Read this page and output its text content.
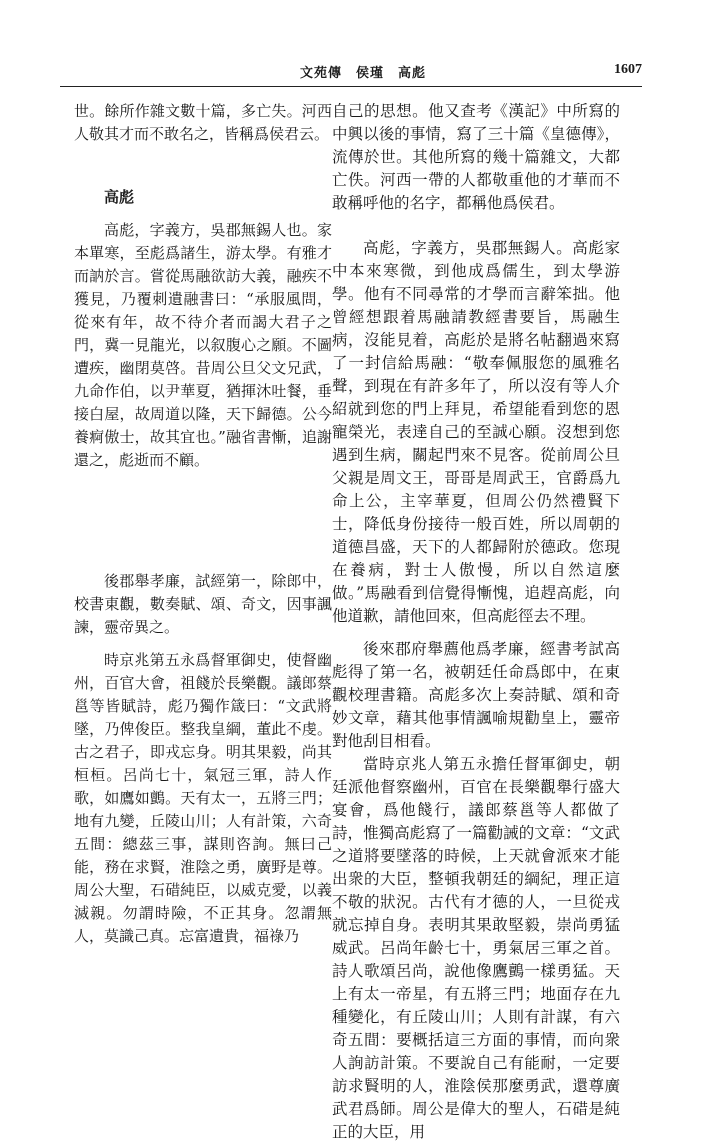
文苑傳　侯瑾　高彪	1607

世。餘所作雜文數十篇，多亡失。河西人敬其才而不敢名之，皆稱爲侯君云。

高彪

高彪，字義方，吳郡無錫人也。家本單寒，至彪爲諸生，游太學。有雅才而訥於言。嘗從馬融欲訪大義，融疾不獲見，乃覆刺遺融書曰：“承服風問，從來有年，故不待介者而謁大君子之門，冀一見龍光，以叙腹心之願。不圖遭疾，幽閉莫啓。昔周公旦父文兄武，九命作伯，以尹華夏，猶揮沐吐餐，垂接白屋，故周道以隆，天下歸德。公今養痾傲士，故其宜也。”融省書慚，追謝還之，彪逝而不顧。

後郡舉孝廉，試經第一，除郎中，校書東觀，數奏賦、頌、奇文，因事諷諫，靈帝異之。

時京兆第五永爲督軍御史，使督幽州，百官大會，祖餞於長樂觀。議郎蔡邕等皆賦詩，彪乃獨作箴曰：“文武將墜，乃俾俊臣。整我皇綱，董此不虔。古之君子，即戎忘身。明其果毅，尚其桓桓。呂尚七十，氣冠三軍，詩人作歌，如鷹如鸇。天有太一，五將三門；地有九變，丘陵山川；人有計策，六奇五間：總茲三事，謀則咨詢。無曰己能，務在求賢，淮陰之勇，廣野是尊。周公大聖，石碏純臣，以威克愛，以義滅親。勿謂時險，不正其身。忽謂無人，莫識己真。忘富遺貴，福祿乃

自己的思想。他又查考《漢記》中所寫的中興以後的事情，寫了三十篇《皇德傳》，流傳於世。其他所寫的幾十篇雜文，大都亡佚。河西一帶的人都敬重他的才華而不敢稱呼他的名字，都稱他爲侯君。

高彪，字義方，吳郡無錫人。高彪家中本來寒微，到他成爲儒生，到太學游學。他有不同尋常的才學而言辭笨拙。他曾經想跟着馬融請教經書要旨，馬融生病，沒能見着，高彪於是將名帖翻過來寫了一封信給馬融：“敬奉佩服您的風雅名聲，到現在有許多年了，所以沒有等人介紹就到您的門上拜見，希望能看到您的恩寵榮光，表達自己的至誠心願。沒想到您遇到生病，關起門來不見客。從前周公旦父親是周文王，哥哥是周武王，官爵爲九命上公，主宰華夏，但周公仍然禮賢下士，降低身份接待一般百姓，所以周朝的道德昌盛，天下的人都歸附於德政。您現在養病，對士人傲慢，所以自然這麼做。”馬融看到信覺得慚愧，追趕高彪，向他道歉，請他回來，但高彪徑去不理。

後來郡府舉薦他爲孝廉，經書考試高彪得了第一名，被朝廷任命爲郎中，在東觀校理書籍。高彪多次上奏詩賦、頌和奇妙文章，藉其他事情諷喻規勸皇上，靈帝對他刮目相看。

當時京兆人第五永擔任督軍御史，朝廷派他督察幽州，百官在長樂觀舉行盛大宴會，爲他餞行，議郎蔡邕等人都做了詩，惟獨高彪寫了一篇勸誡的文章：“文武之道將要墜落的時候，上天就會派來才能出衆的大臣，整頓我朝廷的綱紀，理正這不敬的狀況。古代有才德的人，一旦從戎就忘掉自身。表明其果敢堅毅，崇尚勇猛威武。呂尚年齡七十，勇氣居三軍之首。詩人歌頌呂尚，說他像鷹鸇一樣勇猛。天上有太一帝星，有五將三門；地面存在九種變化，有丘陵山川；人則有計謀，有六奇五間：要概括這三方面的事情，而向衆人詢訪計策。不要說自己有能耐，一定要訪求賢明的人，淮陰侯那麼勇武，還尊廣武君爲師。周公是偉大的聖人，石碏是純正的大臣，用
